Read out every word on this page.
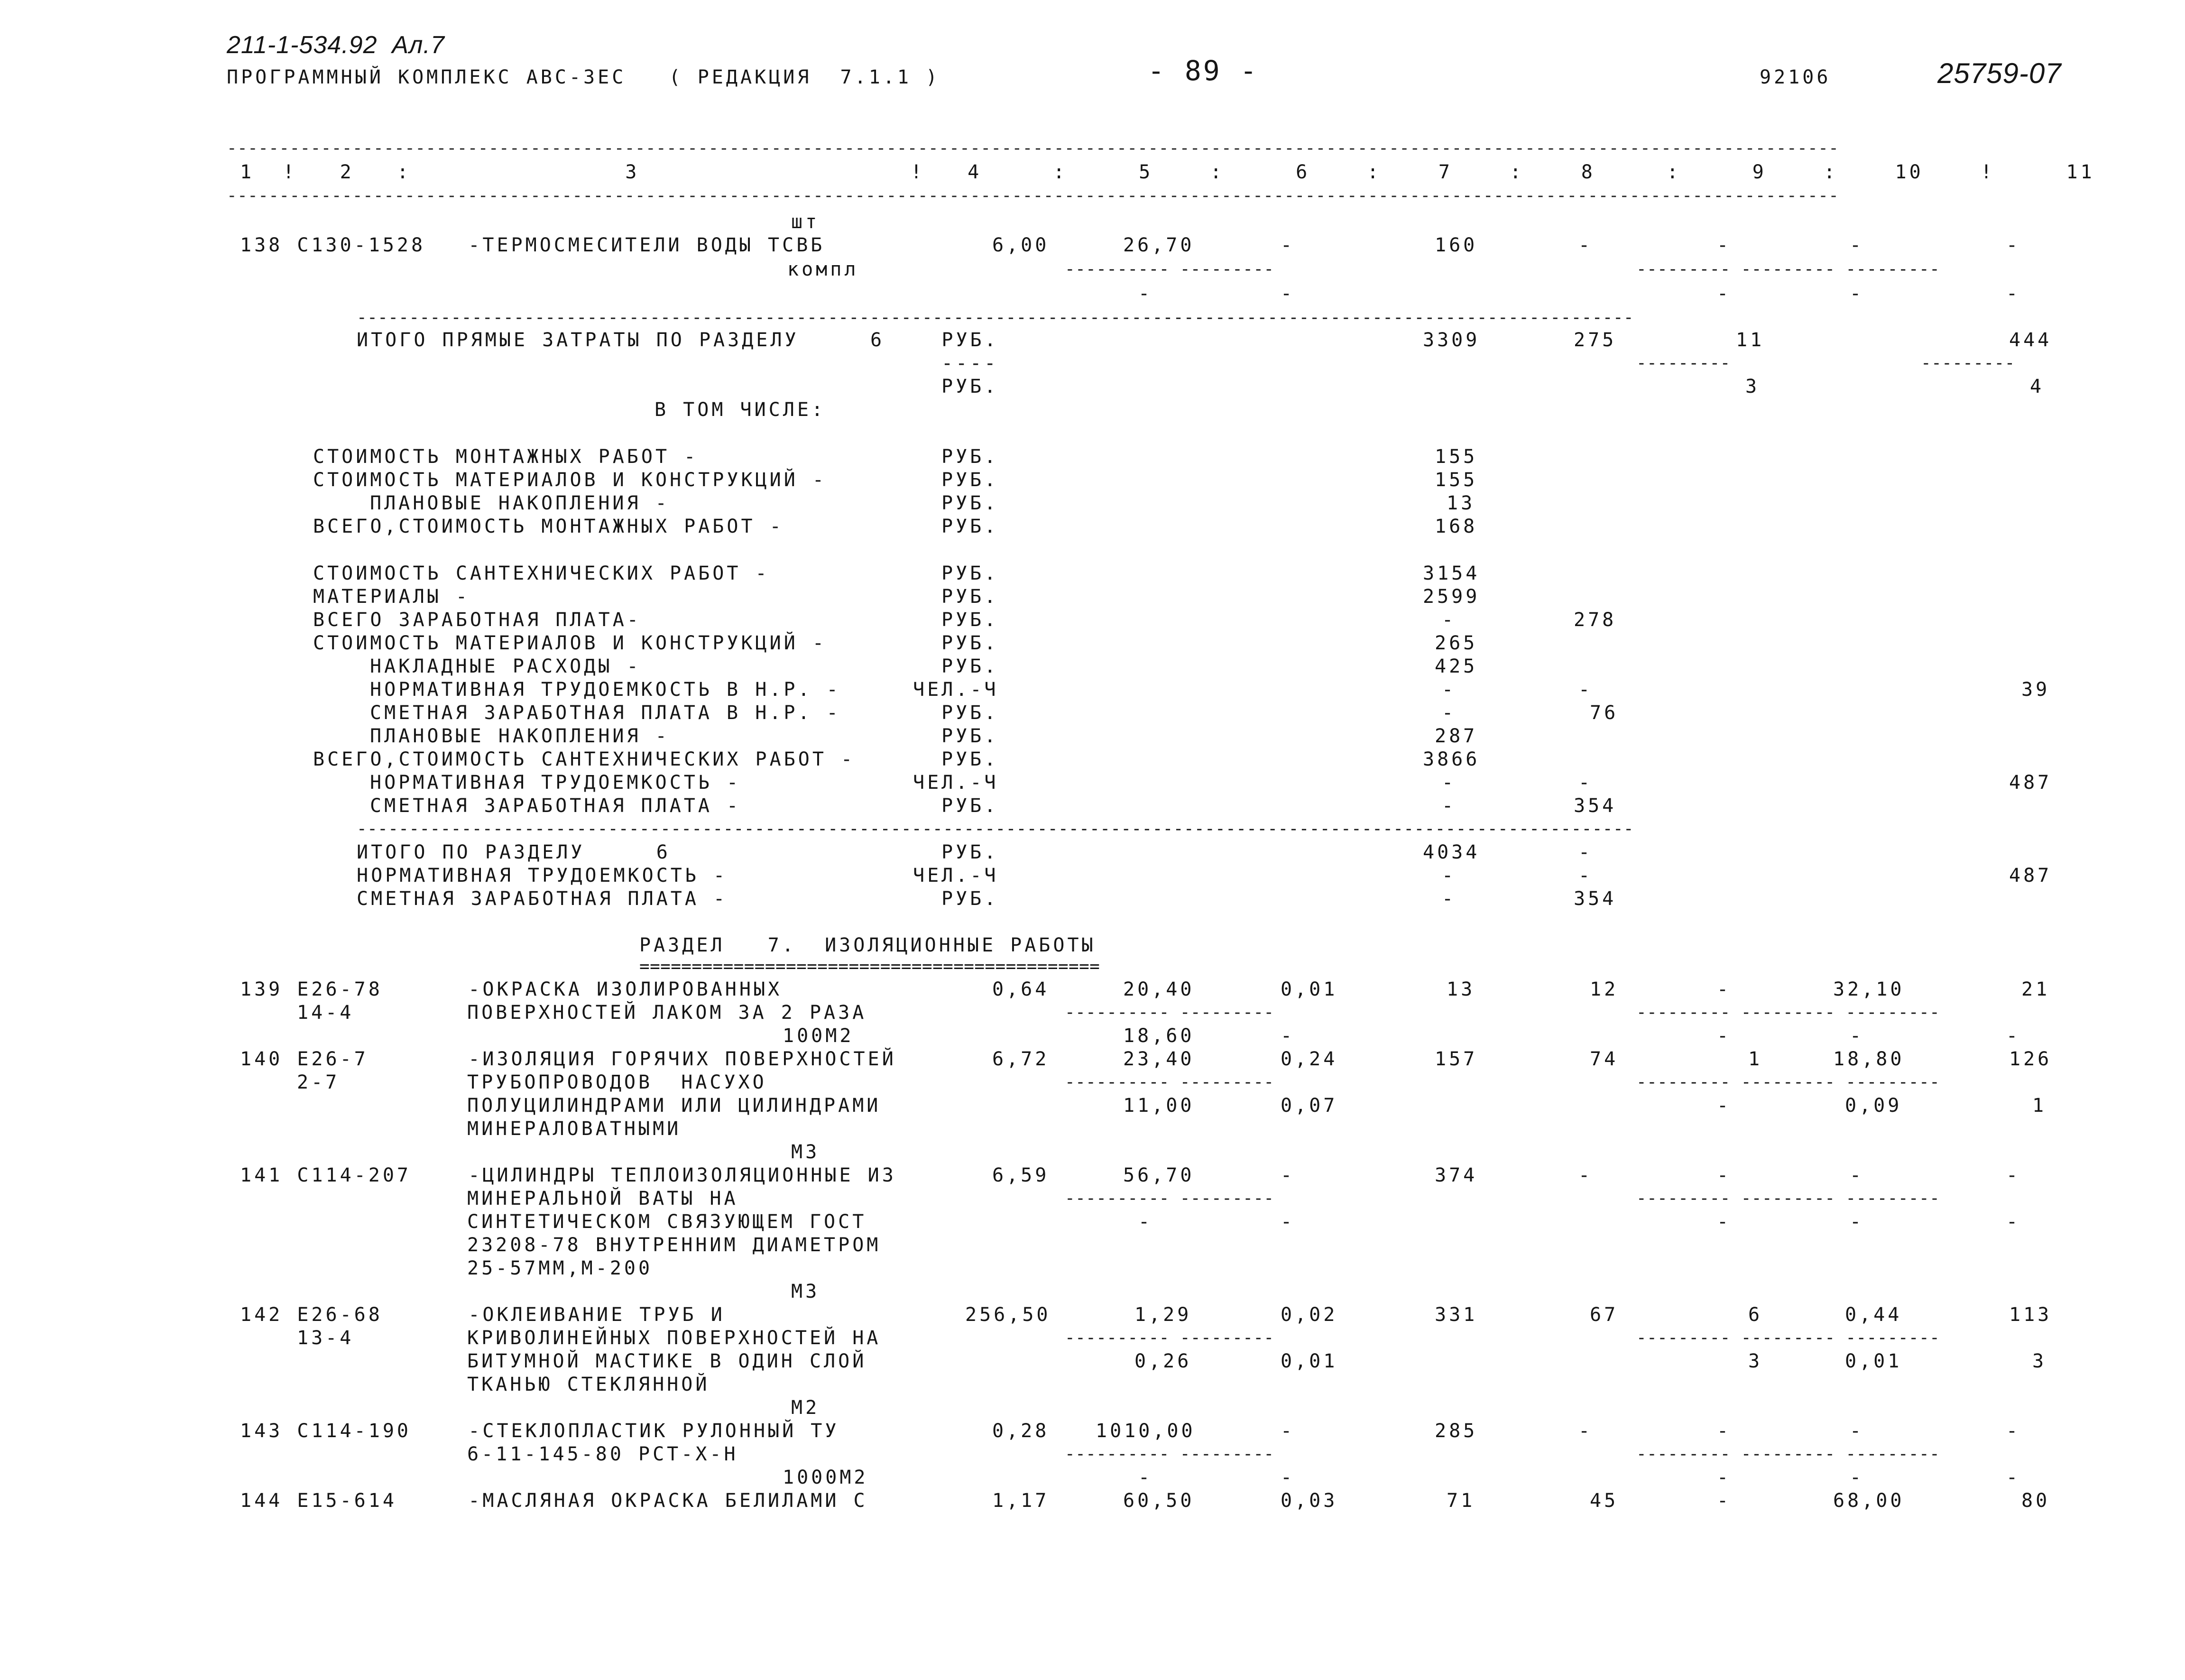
211-1-534.92  Ал.7
ПРОГРАММНЫЙ КОМПЛЕКС АВС-3ЕС   ( РЕДАКЦИЯ  7.1.1 )	- 89 -	92106	25759-07
----------------------------------------------------------------------------------------------------------------------------------------------------------
1  !   2   :               3                   !   4     :     5    :     6    :    7    :    8     :     9    :    10    !     11
----------------------------------------------------------------------------------------------------------------------------------------------------------
шт
138 С130-1528   -ТЕРМОСМЕСИТЕЛИ ВОДЫ ТСВБ	6,00	26,70	-	160	-	-	-	-
компл	---------- ---------	--------- --------- ---------
-	-	-	-	-
--------------------------------------------------------------------------------------------------------------------------
ИТОГО ПРЯМЫЕ ЗАТРАТЫ ПО РАЗДЕЛУ     6    РУБ.	3309	275	11	444
----	---------	---------
РУБ.	3	4
В ТОМ ЧИСЛЕ:
СТОИМОСТЬ МОНТАЖНЫХ РАБОТ -	РУБ.	155
СТОИМОСТЬ МАТЕРИАЛОВ И КОНСТРУКЦИЙ -	РУБ.	155
ПЛАНОВЫЕ НАКОПЛЕНИЯ -	РУБ.	13
ВСЕГО,СТОИМОСТЬ МОНТАЖНЫХ РАБОТ -	РУБ.	168
СТОИМОСТЬ САНТЕХНИЧЕСКИХ РАБОТ -	РУБ.	3154
МАТЕРИАЛЫ -	РУБ.	2599
ВСЕГО ЗАРАБОТНАЯ ПЛАТА-	РУБ.	-	278
СТОИМОСТЬ МАТЕРИАЛОВ И КОНСТРУКЦИЙ -	РУБ.	265
НАКЛАДНЫЕ РАСХОДЫ -	РУБ.	425
НОРМАТИВНАЯ ТРУДОЕМКОСТЬ В Н.Р. -	ЧЕЛ.-Ч	-	-	39
СМЕТНАЯ ЗАРАБОТНАЯ ПЛАТА В Н.Р. -	РУБ.	-	76
ПЛАНОВЫЕ НАКОПЛЕНИЯ -	РУБ.	287
ВСЕГО,СТОИМОСТЬ САНТЕХНИЧЕСКИХ РАБОТ -	РУБ.	3866
НОРМАТИВНАЯ ТРУДОЕМКОСТЬ -	ЧЕЛ.-Ч	-	-	487
СМЕТНАЯ ЗАРАБОТНАЯ ПЛАТА -	РУБ.	-	354
--------------------------------------------------------------------------------------------------------------------------
ИТОГО ПО РАЗДЕЛУ     6	РУБ.	4034	-
НОРМАТИВНАЯ ТРУДОЕМКОСТЬ -	ЧЕЛ.-Ч	-	-	487
СМЕТНАЯ ЗАРАБОТНАЯ ПЛАТА -	РУБ.	-	354
РАЗДЕЛ   7.  ИЗОЛЯЦИОННЫЕ РАБОТЫ
============================================
139 Е26-78      -ОКРАСКА ИЗОЛИРОВАННЫХ	0,64	20,40	0,01	13	12	-	32,10	21
14-4	ПОВЕРХНОСТЕЙ ЛАКОМ ЗА 2 РАЗА	---------- ---------	--------- --------- ---------
100М2	18,60	-	-	-	-
140 Е26-7       -ИЗОЛЯЦИЯ ГОРЯЧИХ ПОВЕРХНОСТЕЙ	6,72	23,40	0,24	157	74	1	18,80	126
2-7	ТРУБОПРОВОДОВ  НАСУХО	---------- ---------	--------- --------- ---------
ПОЛУЦИЛИНДРАМИ ИЛИ ЦИЛИНДРАМИ	11,00	0,07	-	0,09	1
МИНЕРАЛОВАТНЫМИ
М3
141 С114-207    -ЦИЛИНДРЫ ТЕПЛОИЗОЛЯЦИОННЫЕ ИЗ	6,59	56,70	-	374	-	-	-	-
МИНЕРАЛЬНОЙ ВАТЫ НА	---------- ---------	--------- --------- ---------
СИНТЕТИЧЕСКОМ СВЯЗУЮЩЕМ ГОСТ	-	-	-	-	-
23208-78 ВНУТРЕННИМ ДИАМЕТРОМ
25-57ММ,М-200
М3
142 Е26-68      -ОКЛЕИВАНИЕ ТРУБ И	256,50	1,29	0,02	331	67	6	0,44	113
13-4	КРИВОЛИНЕЙНЫХ ПОВЕРХНОСТЕЙ НА	---------- ---------	--------- --------- ---------
БИТУМНОЙ МАСТИКЕ В ОДИН СЛОЙ	0,26	0,01	3	0,01	3
ТКАНЬЮ СТЕКЛЯННОЙ
М2
143 С114-190    -СТЕКЛОПЛАСТИК РУЛОННЫЙ ТУ	0,28 1010,00	-	285	-	-	-	-
6-11-145-80 РСТ-Х-Н	---------- ---------	--------- --------- ---------
1000М2	-	-	-	-	-
144 Е15-614     -МАСЛЯНАЯ ОКРАСКА БЕЛИЛАМИ С	1,17	60,50	0,03	71	45	-	68,00	80
